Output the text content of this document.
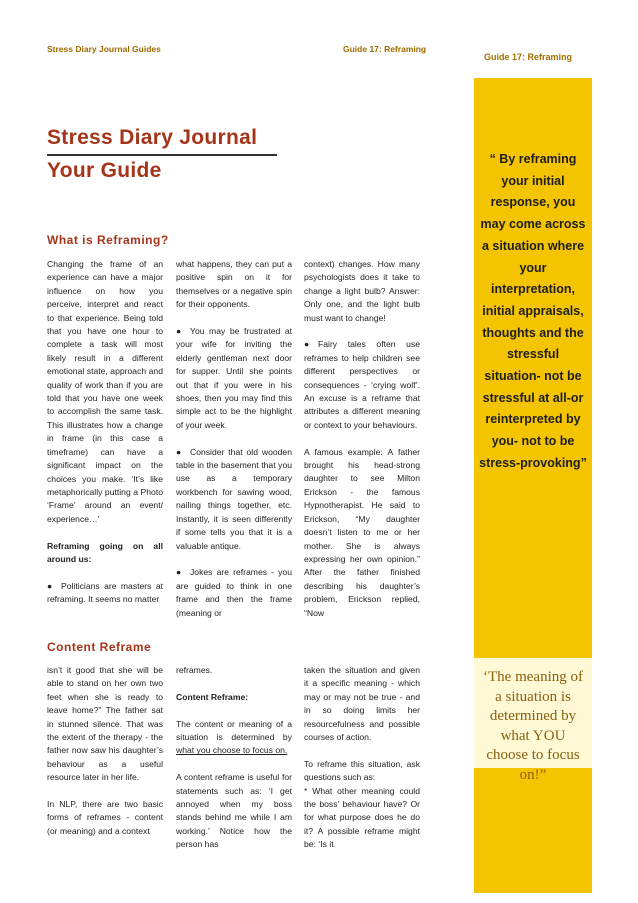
Stress Diary Journal Guides	Guide 17: Reframing
Guide 17: Reframing
“ By reframing your initial response, you may come across a situation where your interpretation, initial appraisals, thoughts and the stressful situation- not be stressful at all-or reinterpreted by you- not to be stress-provoking”
‘The meaning of a situation is determined by what YOU choose to focus on!”
Stress Diary Journal
Your Guide
What is Reframing?

Changing the frame of an experience can have a major influence on how you perceive, interpret and react to that experience. Being told that you have one hour to complete a task will most likely result in a different emotional state, approach and quality of work than if you are told that you have one week to accomplish the same task. This illustrates how a change in frame (in this case a timeframe) can have a significant impact on the choices you make. ‘It’s like metaphorically putting a Photo ‘Frame’ around an event/ experience…’

Reframing going on all around us:

● Politicians are masters at reframing. It seems no matter

what happens, they can put a positive spin on it for themselves or a negative spin for their opponents.

● You may be frustrated at your wife for inviting the elderly gentleman next door for supper. Until she points out that if you were in his shoes, then you may find this simple act to be the highlight of your week.

● Consider that old wooden table in the basement that you use as a temporary workbench for sawing wood, nailing things together, etc. Instantly, it is seen differently if some tells you that it is a valuable antique.

● Jokes are reframes - you are guided to think in one frame and then the frame (meaning or

context) changes. How many psychologists does it take to change a light bulb? Answer: Only one, and the light bulb must want to change!

● Fairy tales often use reframes to help children see different perspectives or consequences - ‘crying wolf’. An excuse is a reframe that attributes a different meaning or context to your behaviours.

A famous example: A father brought his head-strong daughter to see Milton Erickson - the famous Hypnotherapist. He said to Erickson, “My daughter doesn’t listen to me or her mother. She is always expressing her own opinion.” After the father finished describing his daughter’s problem, Erickson replied, “Now

Content Reframe

isn’t it good that she will be able to stand on her own two feet when she is ready to leave home?” The father sat in stunned silence. That was the extent of the therapy - the father now saw his daughter’s behaviour as a useful resource later in her life.

In NLP, there are two basic forms of reframes - content (or meaning) and a context

reframes.

Content Reframe:

The content or meaning of a situation is determined by what you choose to focus on.

A content reframe is useful for statements such as: ‘I get annoyed when my boss stands behind me while I am working.’ Notice how the person has

taken the situation and given it a specific meaning - which may or may not be true - and in so doing limits her resourcefulness and possible courses of action.

To reframe this situation, ask questions such as:

* What other meaning could the boss’ behaviour have? Or for what purpose does he do it? A possible reframe might be: ‘Is it
